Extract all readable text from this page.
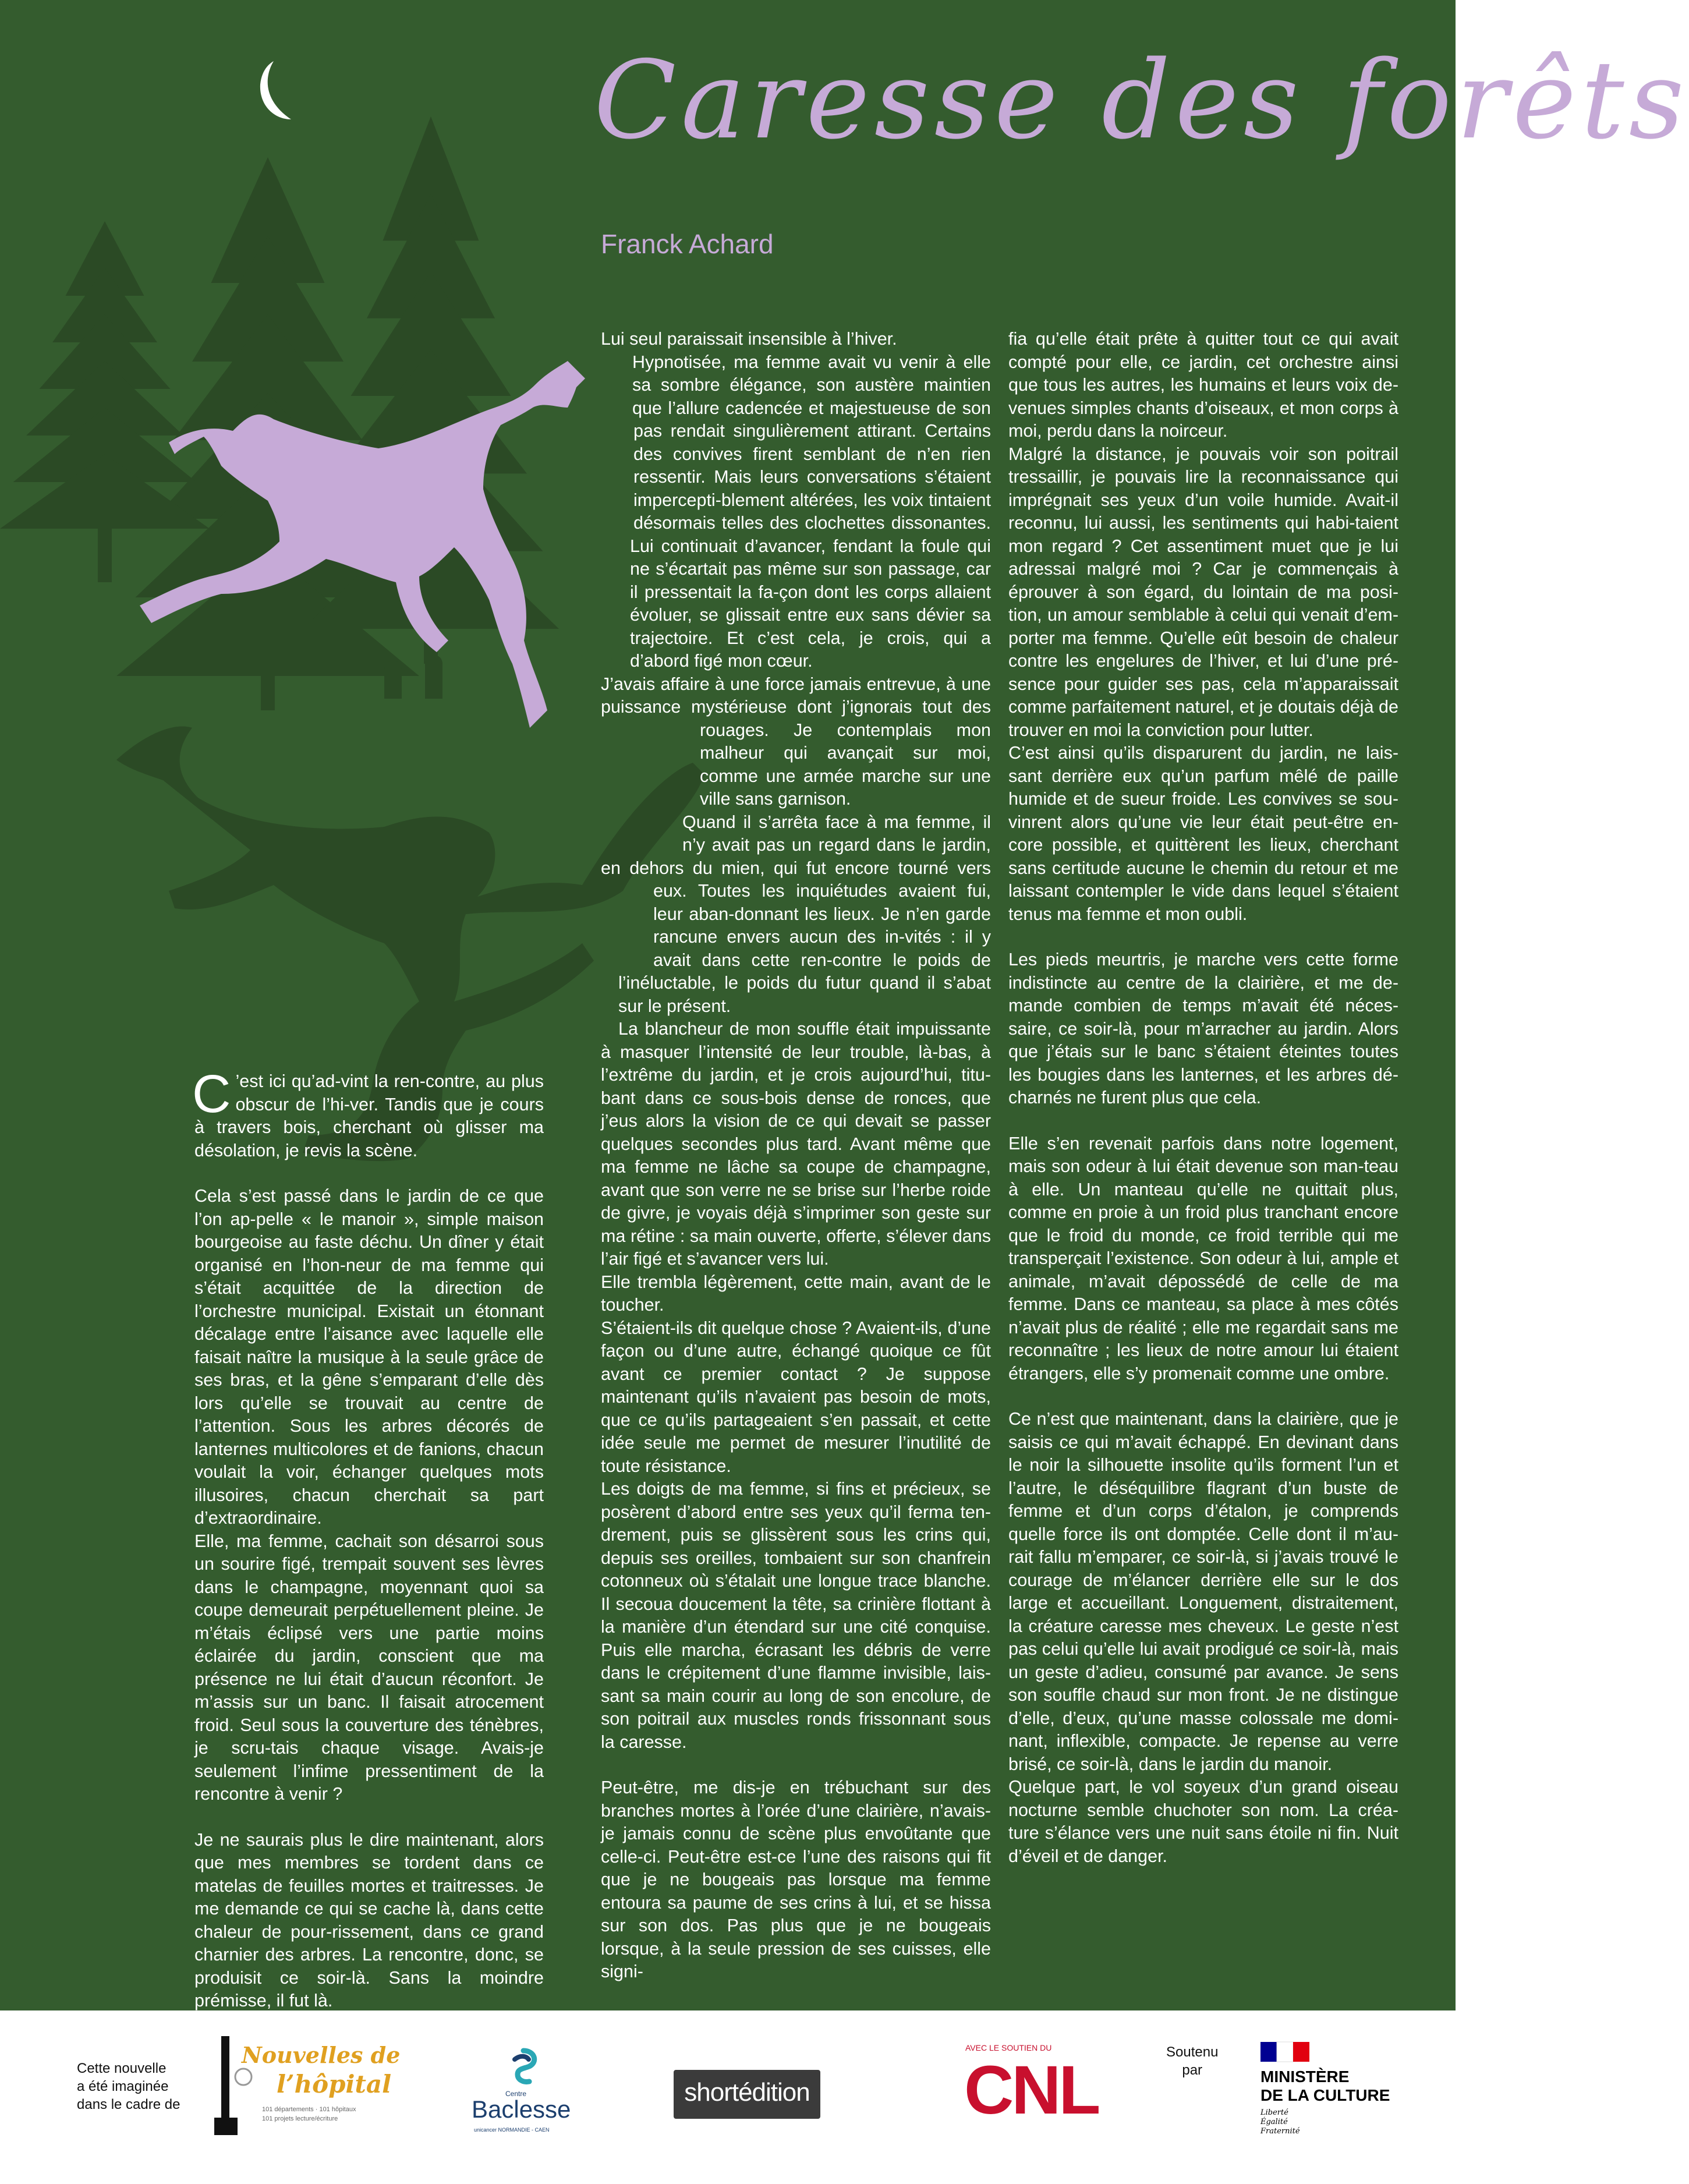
Caresse des forêts
Franck Achard
C ’est ici qu’ad-vint la ren-contre, au plus obscur de l’hi-ver. Tandis que je cours à travers bois, cherchant où glisser ma désolation, je revis la scène.

Cela s’est passé dans le jardin de ce que l’on ap-pelle « le manoir », simple maison bourgeoise au faste déchu. Un dîner y était organisé en l’hon-neur de ma femme qui s’était acquittée de la direction de l’orchestre municipal. Existait un étonnant décalage entre l’aisance avec laquelle elle faisait naître la musique à la seule grâce de ses bras, et la gêne s’emparant d’elle dès lors qu’elle se trouvait au centre de l’attention. Sous les arbres décorés de lanternes multicolores et de fanions, chacun voulait la voir, échanger quelques mots illusoires, chacun cherchait sa part d’extraordinaire.

Elle, ma femme, cachait son désarroi sous un sourire figé, trempait souvent ses lèvres dans le champagne, moyennant quoi sa coupe demeurait perpétuellement pleine. Je m’étais éclipsé vers une partie moins éclairée du jardin, conscient que ma présence ne lui était d’aucun réconfort. Je m’assis sur un banc. Il faisait atrocement froid. Seul sous la couverture des ténèbres, je scru-tais chaque visage. Avais-je seulement l’infime pressentiment de la rencontre à venir ?

Je ne saurais plus le dire maintenant, alors que mes membres se tordent dans ce matelas de feuilles mortes et traitresses. Je me demande ce qui se cache là, dans cette chaleur de pour-rissement, dans ce grand charnier des arbres. La rencontre, donc, se produisit ce soir-là. Sans la moindre prémisse, il fut là.

Lui seul paraissait insensible à l’hiver.

Hypnotisée, ma femme avait vu venir à elle sa sombre élégance, son austère maintien que l’allure cadencée et majestueuse de son pas rendait singulièrement attirant. Certains des convives firent semblant de n’en rien ressentir. Mais leurs conversations s’étaient impercepti-blement altérées, les voix tintaient désormais telles des clochettes dissonantes. Lui continuait d’avancer, fendant la foule qui ne s’écartait pas même sur son passage, car il pressentait la fa-çon dont les corps allaient évoluer, se glissait entre eux sans dévier sa trajectoire. Et c’est cela, je crois, qui a d’abord figé mon cœur.

J’avais affaire à une force jamais entrevue, à une puissance mystérieuse dont j’ignorais tout des rouages. Je contemplais mon malheur qui avançait sur moi, comme une armée marche sur une ville sans garnison.

Quand il s’arrêta face à ma femme, il n’y avait pas un regard dans le jardin, en dehors du mien, qui fut encore tourné vers eux. Toutes les inquiétudes avaient fui, leur aban-donnant les lieux. Je n’en garde rancune envers aucun des in-vités : il y avait dans cette ren-contre le poids de l’inéluctable, le poids du futur quand il s’abat sur le présent.

La blancheur de mon souffle était impuissante à masquer l’intensité de leur trouble, là-bas, à l’extrême du jardin, et je crois aujourd’hui, titu-bant dans ce sous-bois dense de ronces, que j’eus alors la vision de ce qui devait se passer quelques secondes plus tard. Avant même que ma femme ne lâche sa coupe de champagne, avant que son verre ne se brise sur l’herbe roide de givre, je voyais déjà s’imprimer son geste sur ma rétine : sa main ouverte, offerte, s’élever dans l’air figé et s’avancer vers lui.

Elle trembla légèrement, cette main, avant de le toucher.

S’étaient-ils dit quelque chose ? Avaient-ils, d’une façon ou d’une autre, échangé quoique ce fût avant ce premier contact ? Je suppose maintenant qu’ils n’avaient pas besoin de mots, que ce qu’ils partageaient s’en passait, et cette idée seule me permet de mesurer l’inutilité de toute résistance.

Les doigts de ma femme, si fins et précieux, se posèrent d’abord entre ses yeux qu’il ferma ten-drement, puis se glissèrent sous les crins qui, depuis ses oreilles, tombaient sur son chanfrein cotonneux où s’étalait une longue trace blanche. Il secoua doucement la tête, sa crinière flottant à la manière d’un étendard sur une cité conquise. Puis elle marcha, écrasant les débris de verre dans le crépitement d’une flamme invisible, lais-sant sa main courir au long de son encolure, de son poitrail aux muscles ronds frissonnant sous la caresse.

Peut-être, me dis-je en trébuchant sur des branches mortes à l’orée d’une clairière, n’avais-je jamais connu de scène plus envoûtante que celle-ci. Peut-être est-ce l’une des raisons qui fit que je ne bougeais pas lorsque ma femme entoura sa paume de ses crins à lui, et se hissa sur son dos. Pas plus que je ne bougeais lorsque, à la seule pression de ses cuisses, elle signi-

fia qu’elle était prête à quitter tout ce qui avait compté pour elle, ce jardin, cet orchestre ainsi que tous les autres, les humains et leurs voix de-venues simples chants d’oiseaux, et mon corps à moi, perdu dans la noirceur.

Malgré la distance, je pouvais voir son poitrail tressaillir, je pouvais lire la reconnaissance qui imprégnait ses yeux d’un voile humide. Avait-il reconnu, lui aussi, les sentiments qui habi-taient mon regard ? Cet assentiment muet que je lui adressai malgré moi ? Car je commençais à éprouver à son égard, du lointain de ma posi-tion, un amour semblable à celui qui venait d’em-porter ma femme. Qu’elle eût besoin de chaleur contre les engelures de l’hiver, et lui d’une pré-sence pour guider ses pas, cela m’apparaissait comme parfaitement naturel, et je doutais déjà de trouver en moi la conviction pour lutter.

C’est ainsi qu’ils disparurent du jardin, ne lais-sant derrière eux qu’un parfum mêlé de paille humide et de sueur froide. Les convives se sou-vinrent alors qu’une vie leur était peut-être en-core possible, et quittèrent les lieux, cherchant sans certitude aucune le chemin du retour et me laissant contempler le vide dans lequel s’étaient tenus ma femme et mon oubli.

Les pieds meurtris, je marche vers cette forme indistincte au centre de la clairière, et me de-mande combien de temps m’avait été néces-saire, ce soir-là, pour m’arracher au jardin. Alors que j’étais sur le banc s’étaient éteintes toutes les bougies dans les lanternes, et les arbres dé-charnés ne furent plus que cela.

Elle s’en revenait parfois dans notre logement, mais son odeur à lui était devenue son man-teau à elle. Un manteau qu’elle ne quittait plus, comme en proie à un froid plus tranchant encore que le froid du monde, ce froid terrible qui me transperçait l’existence. Son odeur à lui, ample et animale, m’avait dépossédé de celle de ma femme. Dans ce manteau, sa place à mes côtés n’avait plus de réalité ; elle me regardait sans me reconnaître ; les lieux de notre amour lui étaient étrangers, elle s’y promenait comme une ombre.

Ce n’est que maintenant, dans la clairière, que je saisis ce qui m’avait échappé. En devinant dans le noir la silhouette insolite qu’ils forment l’un et l’autre, le déséquilibre flagrant d’un buste de femme et d’un corps d’étalon, je comprends quelle force ils ont domptée. Celle dont il m’au-rait fallu m’emparer, ce soir-là, si j’avais trouvé le courage de m’élancer derrière elle sur le dos large et accueillant. Longuement, distraitement, la créature caresse mes cheveux. Le geste n’est pas celui qu’elle lui avait prodigué ce soir-là, mais un geste d’adieu, consumé par avance. Je sens son souffle chaud sur mon front. Je ne distingue d’elle, d’eux, qu’une masse colossale me domi-nant, inflexible, compacte. Je repense au verre brisé, ce soir-là, dans le jardin du manoir.

Quelque part, le vol soyeux d’un grand oiseau nocturne semble chuchoter son nom. La créa-ture s’élance vers une nuit sans étoile ni fin. Nuit d’éveil et de danger.

Cette nouvelle
a été imaginée
dans le cadre de
Nouvelles de
l’hôpital
101 départements · 101 hôpitaux
101 projets lecture/écriture
Centre
Baclesse
unicancer NORMANDIE - CAEN
shortédition
AVEC LE SOUTIEN DU
CNL	Soutenu
par	MINISTÈRE
DE LA CULTURE
Liberté
Égalité
Fraternité
